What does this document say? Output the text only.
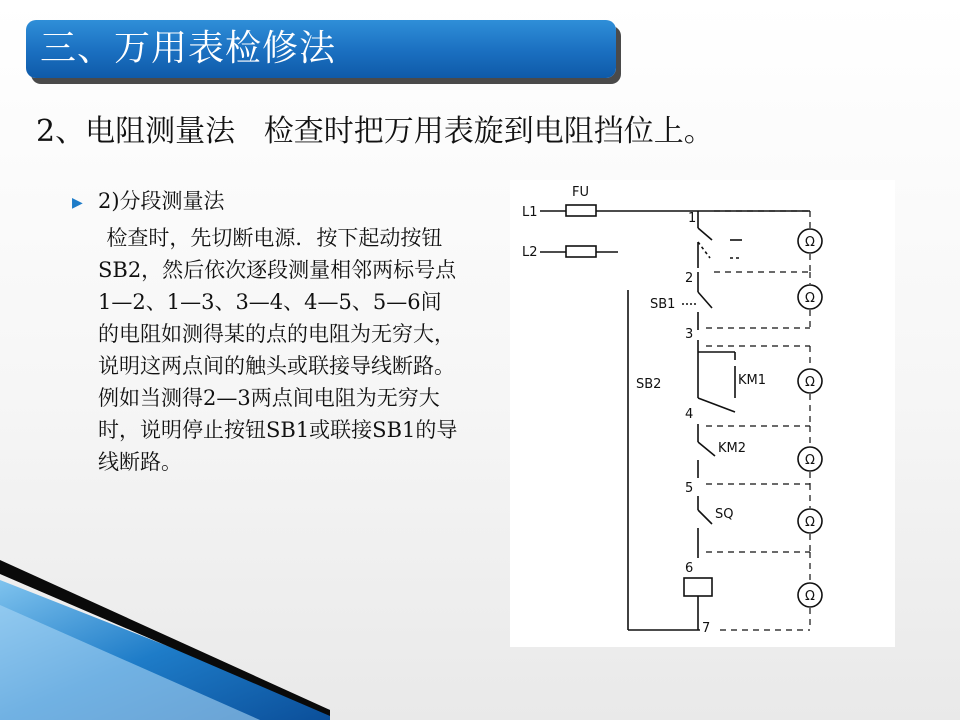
三、万用表检修法
2、电阻测量法   检查时把万用表旋到电阻挡位上。
▶ 2)分段测量法
检查时，先切断电源．按下起动按钮SB2，然后依次逐段测量相邻两标号点1—2、1—3、3—4、4—5、5—6间的电阻如测得某的点的电阻为无穷大，说明这两点间的触头或联接导线断路。例如当测得2—3两点间电阻为无穷大时，说明停止按钮SB1或联接SB1的导线断路。
L1
FU
L2
1
2
SB1
3
SB2	KM1
4
KM2
5
SQ
6
7
Ω
Ω
Ω
Ω
Ω
Ω
